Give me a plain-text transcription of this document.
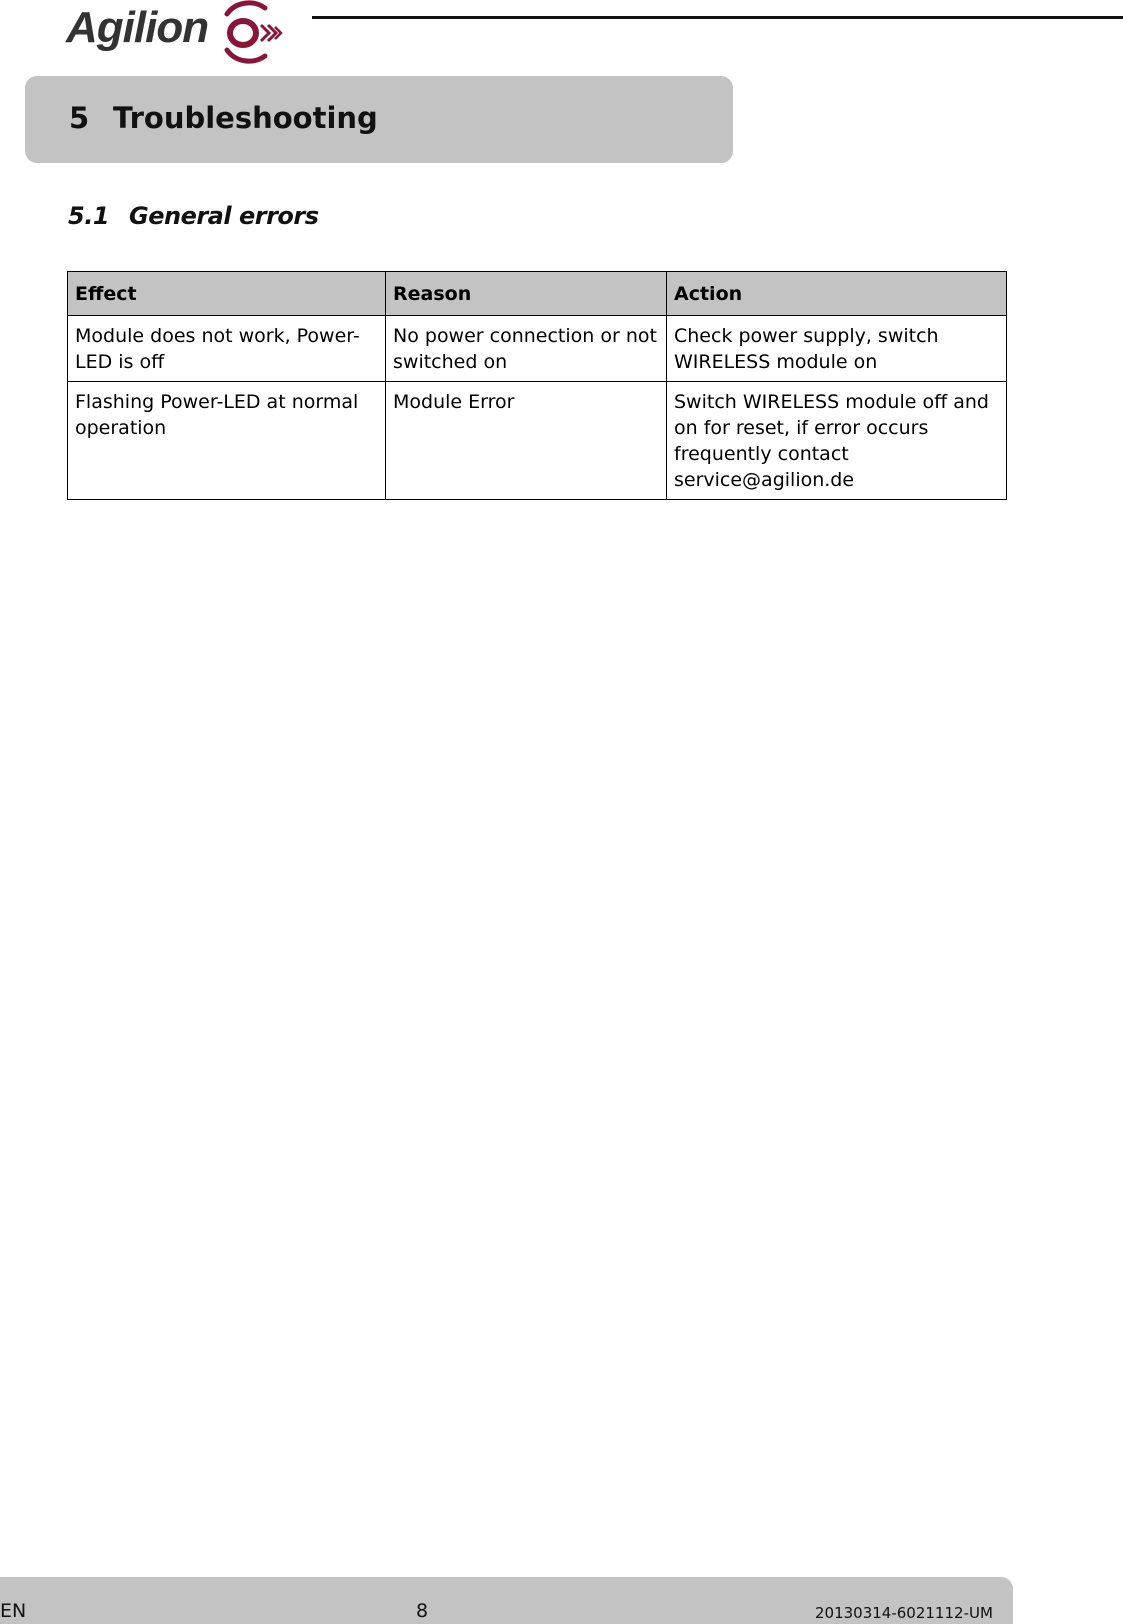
Agilion
5 Troubleshooting
5.1 General errors
Effect	Reason	Action
Module does not work, Power-LED is off	No power connection or not switched on	Check power supply, switch WIRELESS module on
Flashing Power-LED at normal operation	Module Error	Switch WIRELESS module off and on for reset, if error occurs frequently contact service@agilion.de
EN	8	20130314-6021112-UM
